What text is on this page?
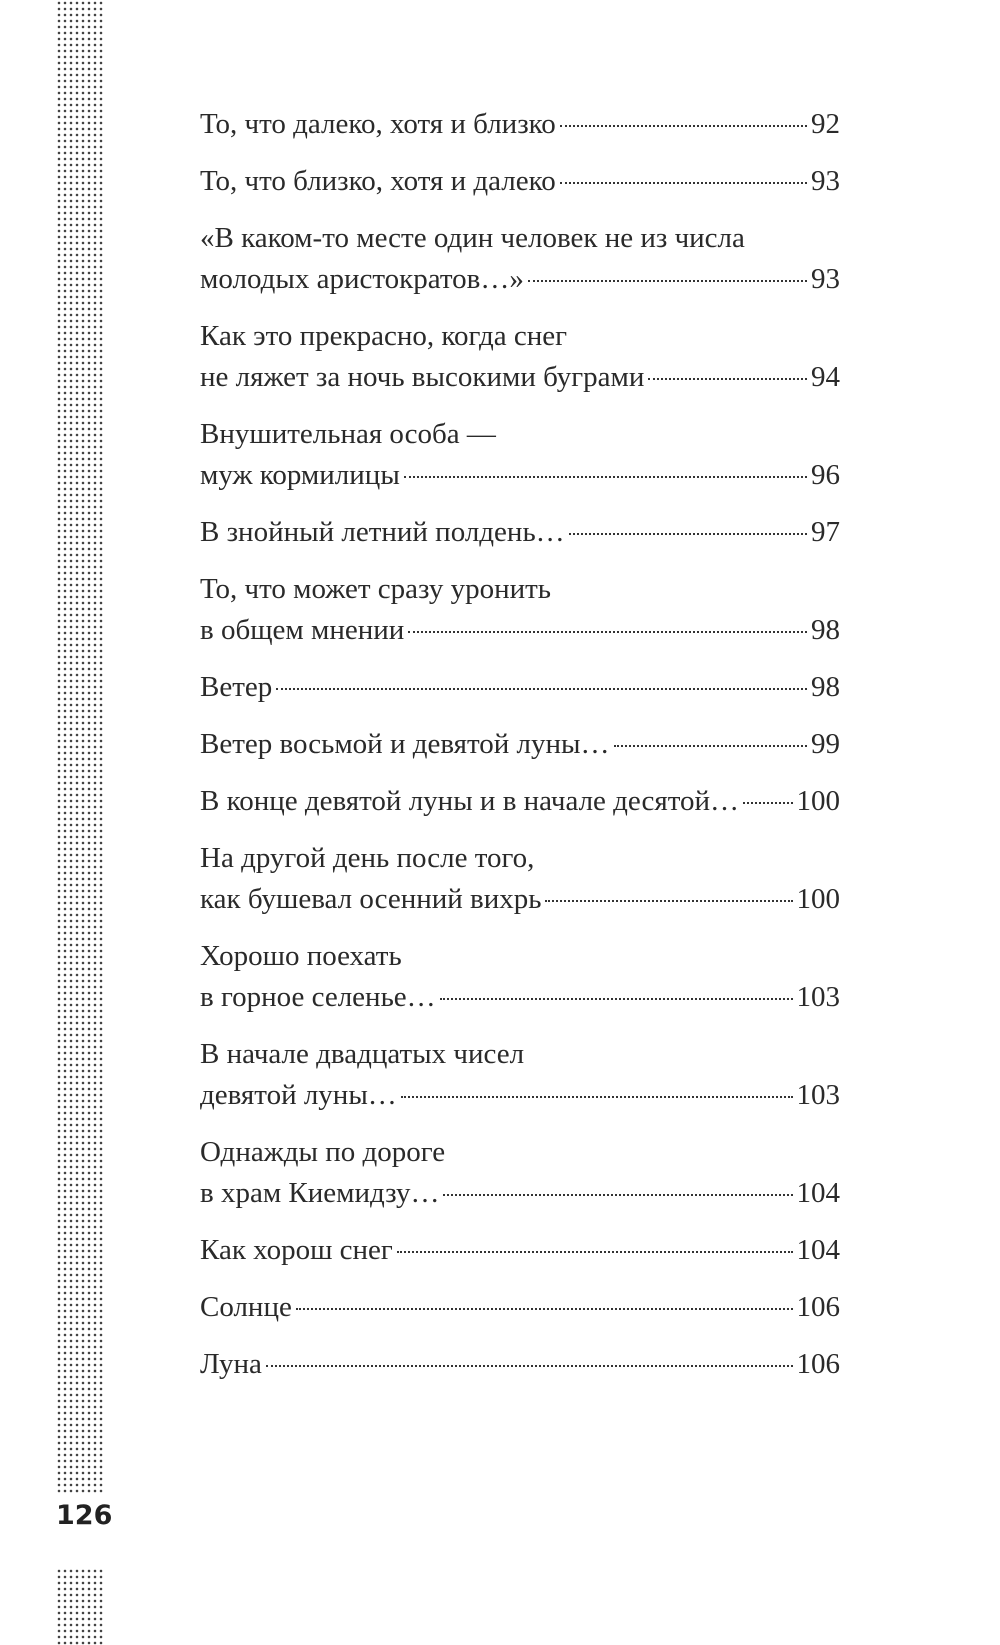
126
То, что далеко, хотя и близко	92
То, что близко, хотя и далеко	93
«В каком-то месте один человек не из числа
молодых аристократов…»	93
Как это прекрасно, когда снег
не ляжет за ночь высокими буграми	94
Внушительная особа —
муж кормилицы	96
В знойный летний полдень…	97
То, что может сразу уронить
в общем мнении	98
Ветер	98
Ветер восьмой и девятой луны…	99
В конце девятой луны и в начале десятой… 100
На другой день после того,
как бушевал осенний вихрь	100
Хорошо поехать
в горное селенье…	103
В начале двадцатых чисел
девятой луны…	103
Однажды по дороге
в храм Киемидзу…	104
Как хорош снег	104
Солнце	106
Луна	106
